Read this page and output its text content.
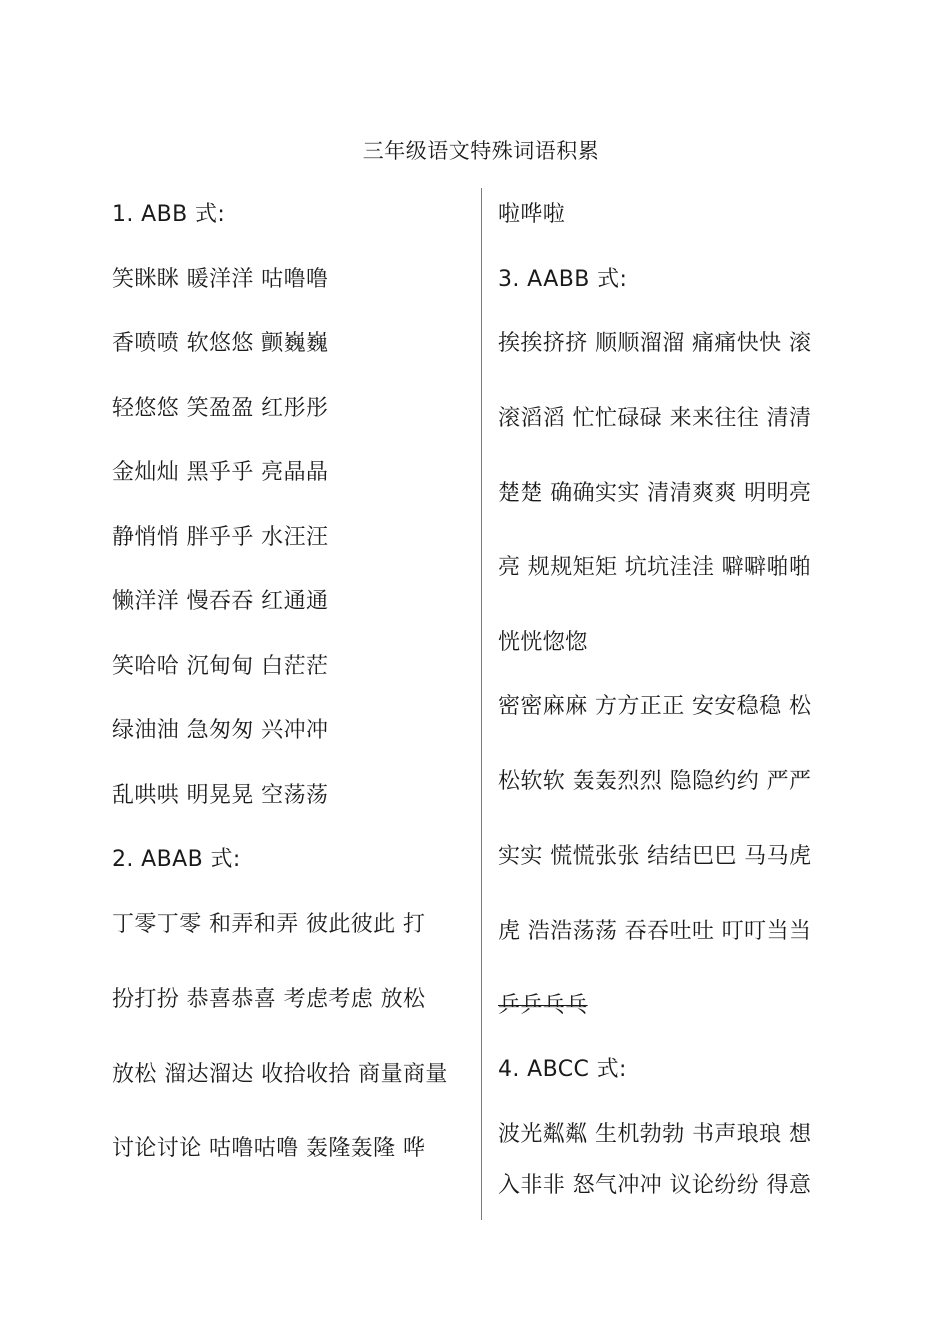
三年级语文特殊词语积累
1. ABB 式:
笑眯眯 暖洋洋 咕噜噜
香喷喷 软悠悠 颤巍巍
轻悠悠 笑盈盈 红彤彤
金灿灿 黑乎乎 亮晶晶
静悄悄 胖乎乎 水汪汪
懒洋洋 慢吞吞 红通通
笑哈哈 沉甸甸 白茫茫
绿油油 急匆匆 兴冲冲
乱哄哄 明晃晃 空荡荡
2. ABAB 式:
丁零丁零 和弄和弄 彼此彼此 打
扮打扮 恭喜恭喜 考虑考虑 放松
放松 溜达溜达 收拾收拾 商量商量
讨论讨论 咕噜咕噜 轰隆轰隆 哗
啦哗啦
3. AABB 式:
挨挨挤挤 顺顺溜溜 痛痛快快 滚
滚滔滔 忙忙碌碌 来来往往 清清
楚楚 确确实实 清清爽爽 明明亮
亮 规规矩矩 坑坑洼洼 噼噼啪啪
恍恍惚惚
密密麻麻 方方正正 安安稳稳 松
松软软 轰轰烈烈 隐隐约约 严严
实实 慌慌张张 结结巴巴 马马虎
虎 浩浩荡荡 吞吞吐吐 叮叮当当
乒乒乓乓
4. ABCC 式:
波光粼粼 生机勃勃 书声琅琅 想
入非非 怒气冲冲 议论纷纷 得意
